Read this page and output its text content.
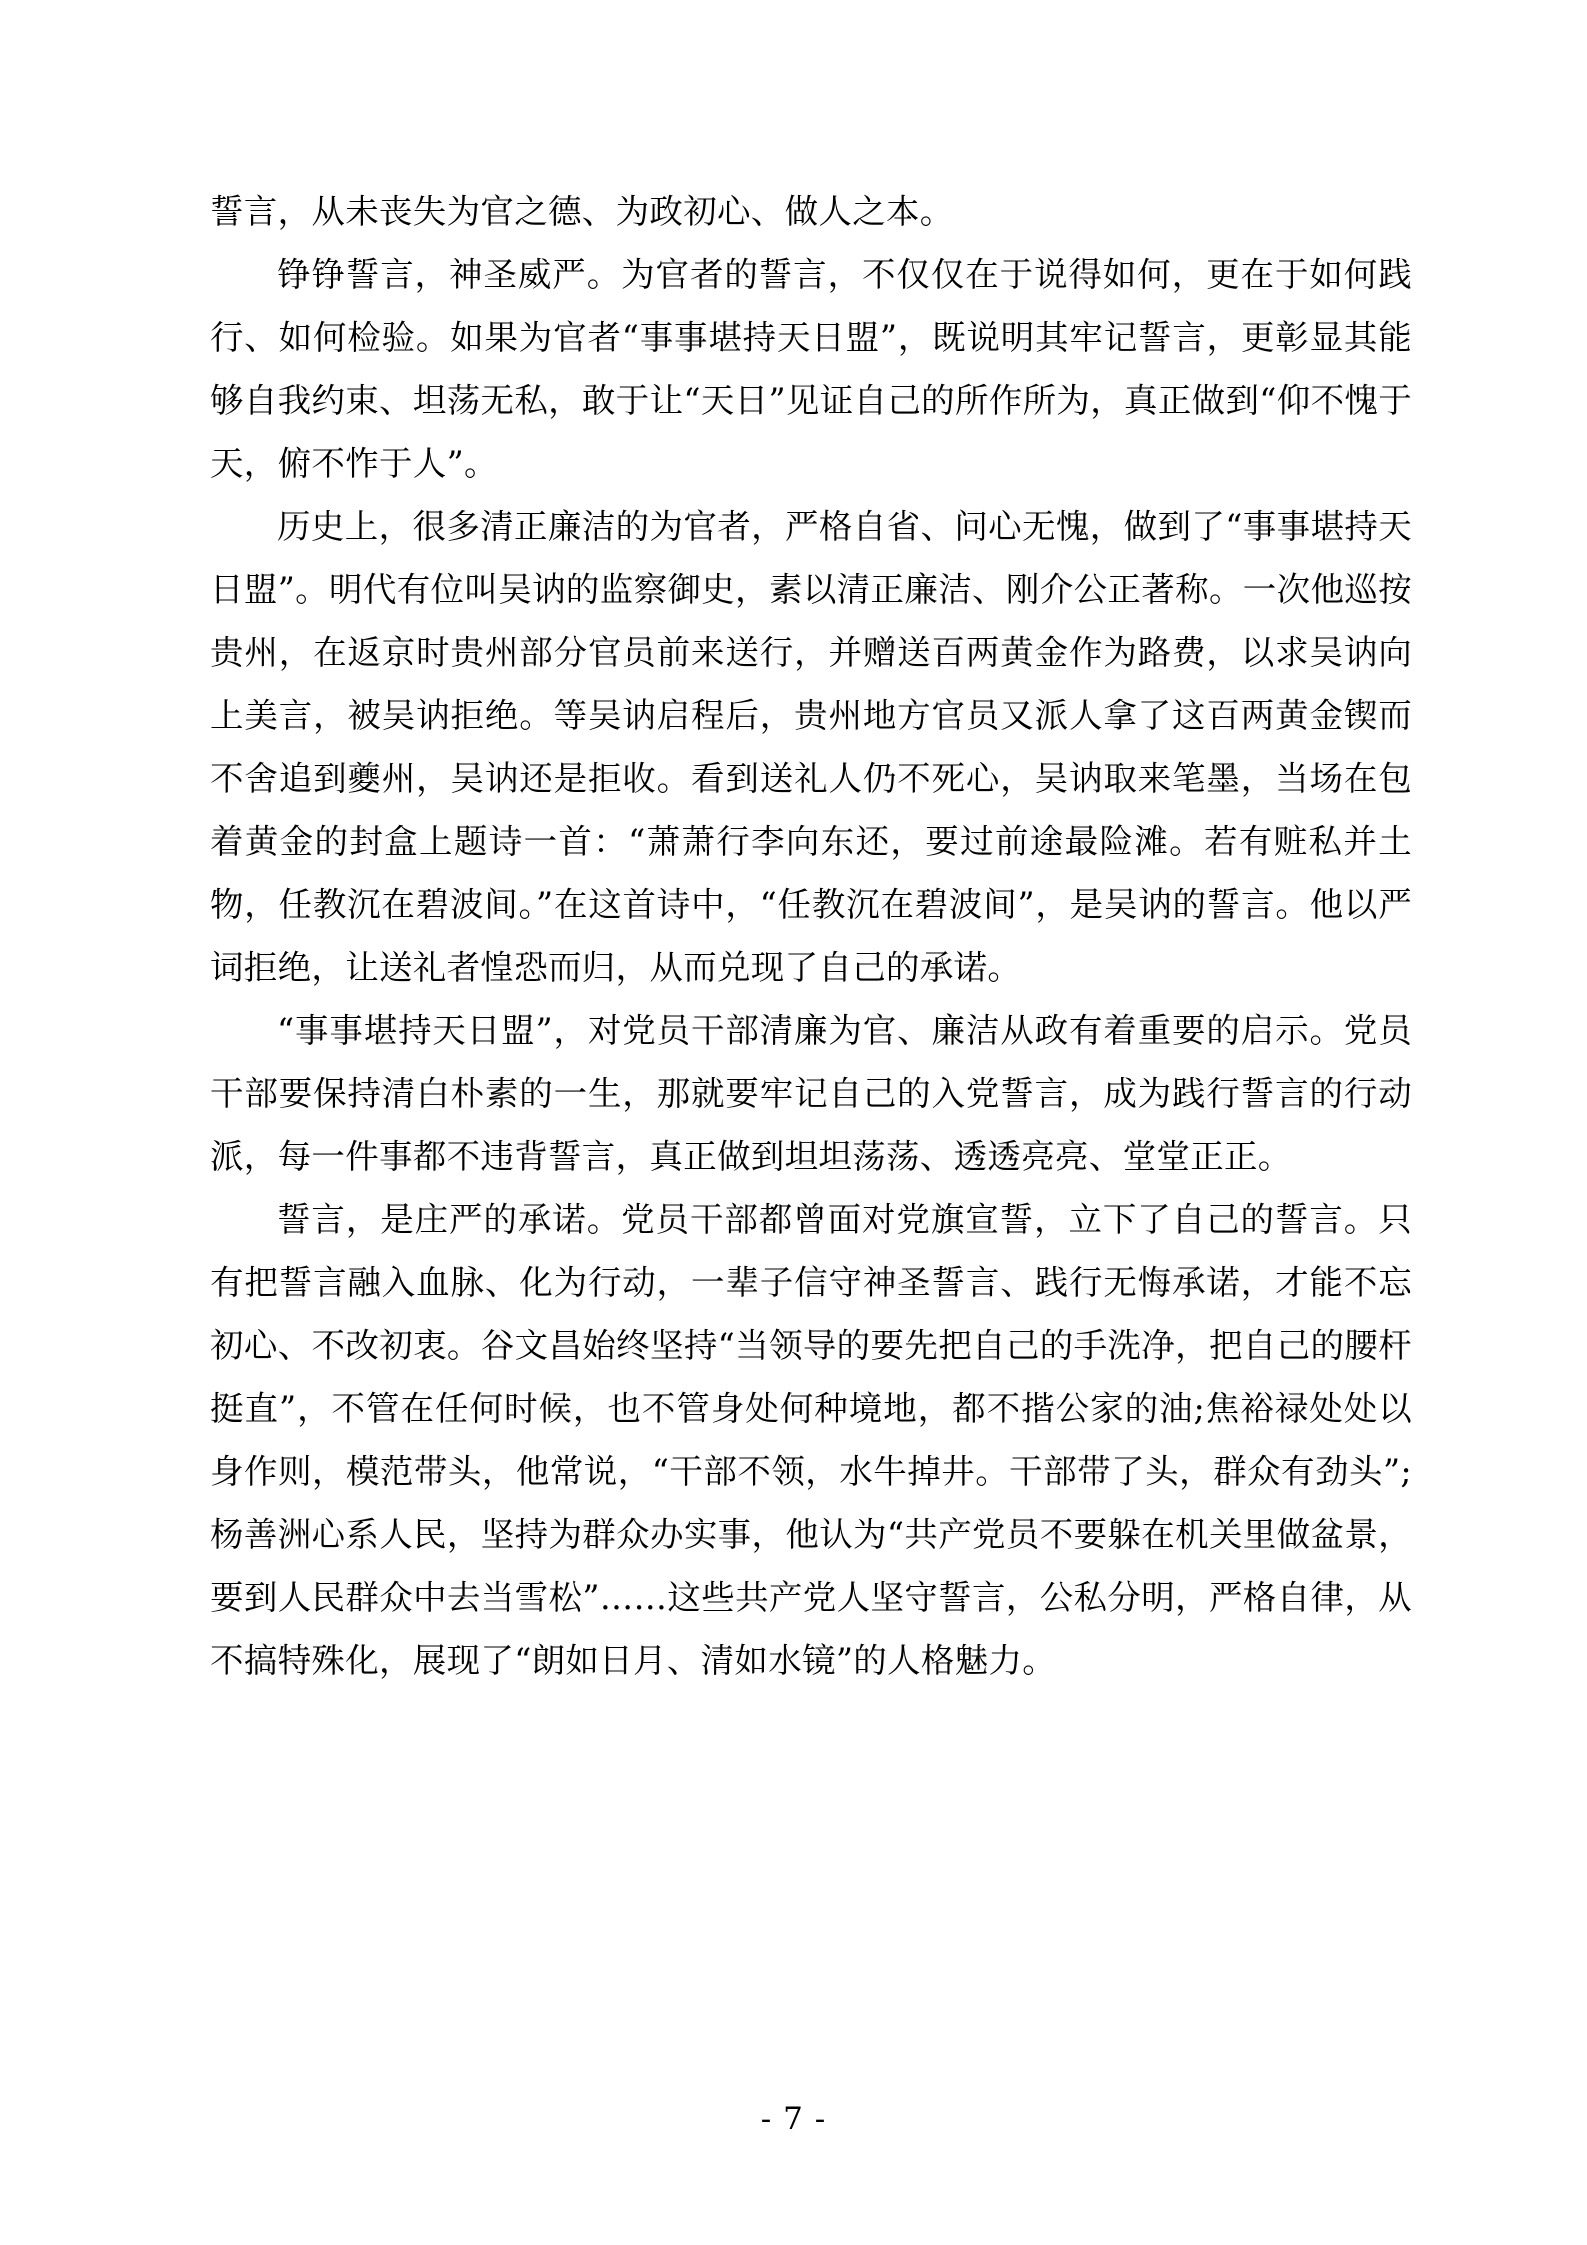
誓言，从未丧失为官之德、为政初心、做人之本。

铮铮誓言，神圣威严。为官者的誓言，不仅仅在于说得如何，更在于如何践行、如何检验。如果为官者“事事堪持天日盟”，既说明其牢记誓言，更彰显其能够自我约束、坦荡无私，敢于让“天日”见证自己的所作所为，真正做到“仰不愧于天，俯不怍于人”。

历史上，很多清正廉洁的为官者，严格自省、问心无愧，做到了“事事堪持天日盟”。明代有位叫吴讷的监察御史，素以清正廉洁、刚介公正著称。一次他巡按贵州，在返京时贵州部分官员前来送行，并赠送百两黄金作为路费，以求吴讷向上美言，被吴讷拒绝。等吴讷启程后，贵州地方官员又派人拿了这百两黄金锲而不舍追到夔州，吴讷还是拒收。看到送礼人仍不死心，吴讷取来笔墨，当场在包着黄金的封盒上题诗一首：“萧萧行李向东还，要过前途最险滩。若有赃私并土物，任教沉在碧波间。”在这首诗中，“任教沉在碧波间”，是吴讷的誓言。他以严词拒绝，让送礼者惶恐而归，从而兑现了自己的承诺。

“事事堪持天日盟”，对党员干部清廉为官、廉洁从政有着重要的启示。党员干部要保持清白朴素的一生，那就要牢记自己的入党誓言，成为践行誓言的行动派，每一件事都不违背誓言，真正做到坦坦荡荡、透透亮亮、堂堂正正。

誓言，是庄严的承诺。党员干部都曾面对党旗宣誓，立下了自己的誓言。只有把誓言融入血脉、化为行动，一辈子信守神圣誓言、践行无悔承诺，才能不忘初心、不改初衷。谷文昌始终坚持“当领导的要先把自己的手洗净，把自己的腰杆挺直”，不管在任何时候，也不管身处何种境地，都不揩公家的油;焦裕禄处处以身作则，模范带头，他常说，“干部不领，水牛掉井。干部带了头，群众有劲头”;杨善洲心系人民，坚持为群众办实事，他认为“共产党员不要躲在机关里做盆景，要到人民群众中去当雪松”……这些共产党人坚守誓言，公私分明，严格自律，从不搞特殊化，展现了“朗如日月、清如水镜”的人格魅力。

- 7 -
